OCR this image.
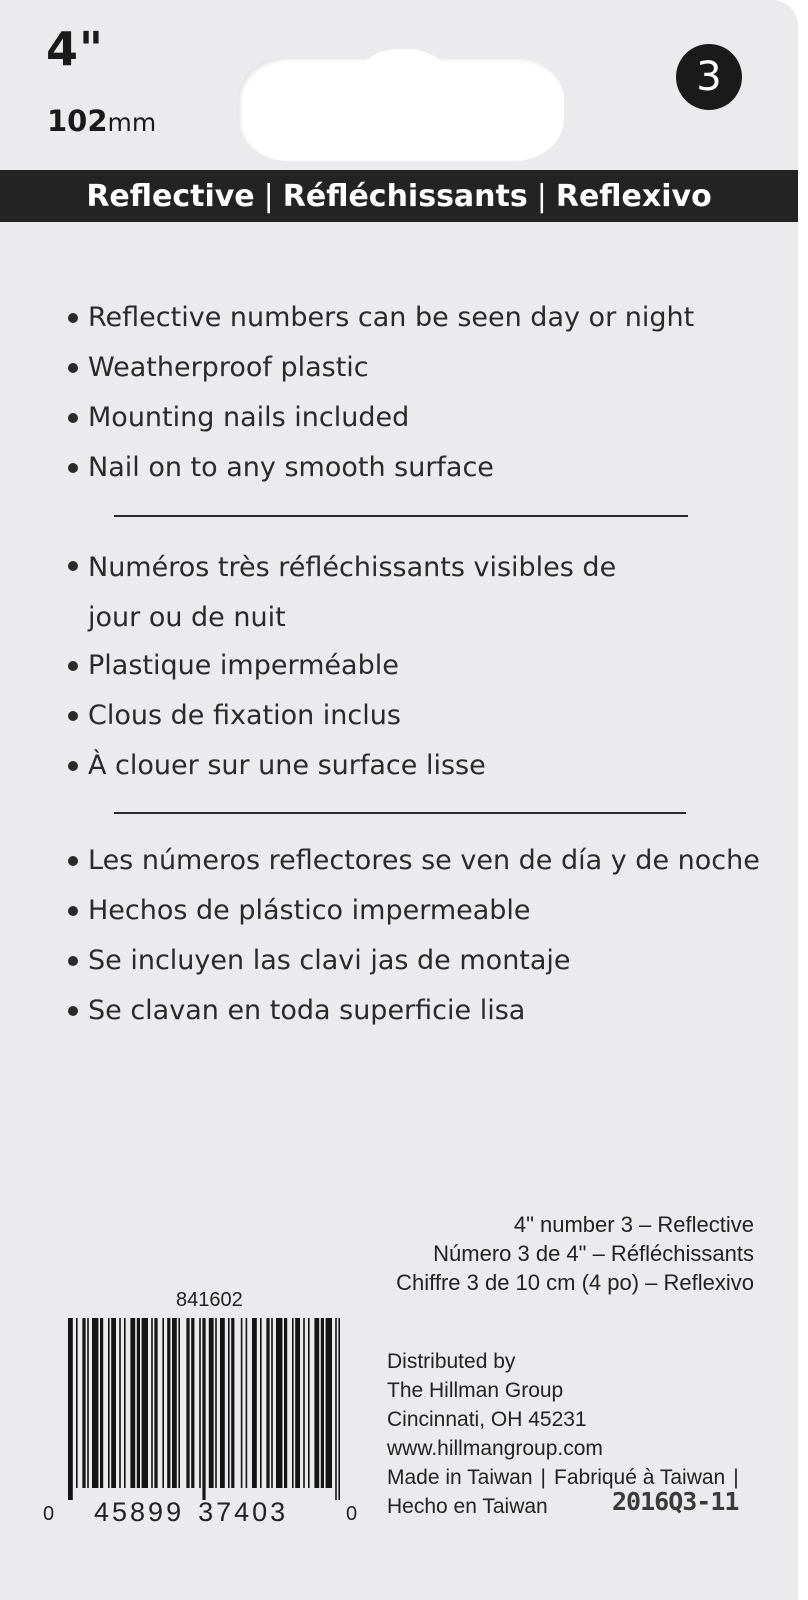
4"
102mm
3
Reflective | Réfléchissants | Reflexivo
Reflective numbers can be seen day or night
Weatherproof plastic
Mounting nails included
Nail on to any smooth surface
Numéros très réfléchissants visibles de jour ou de nuit
Plastique imperméable
Clous de fixation inclus
À clouer sur une surface lisse
Les números reflectores se ven de día y de noche
Hechos de plástico impermeable
Se incluyen las clavi jas de montaje
Se clavan en toda superficie lisa
4" number 3 – Reflective
Número 3 de 4" – Réfléchissants
Chiffre 3 de 10 cm (4 po) – Reflexivo
841602
0 45899 37403	0
Distributed by
The Hillman Group
Cincinnati, OH 45231
www.hillmangroup.com
Made in Taiwan | Fabriqué à Taiwan |
Hecho en Taiwan	2016Q3-11
